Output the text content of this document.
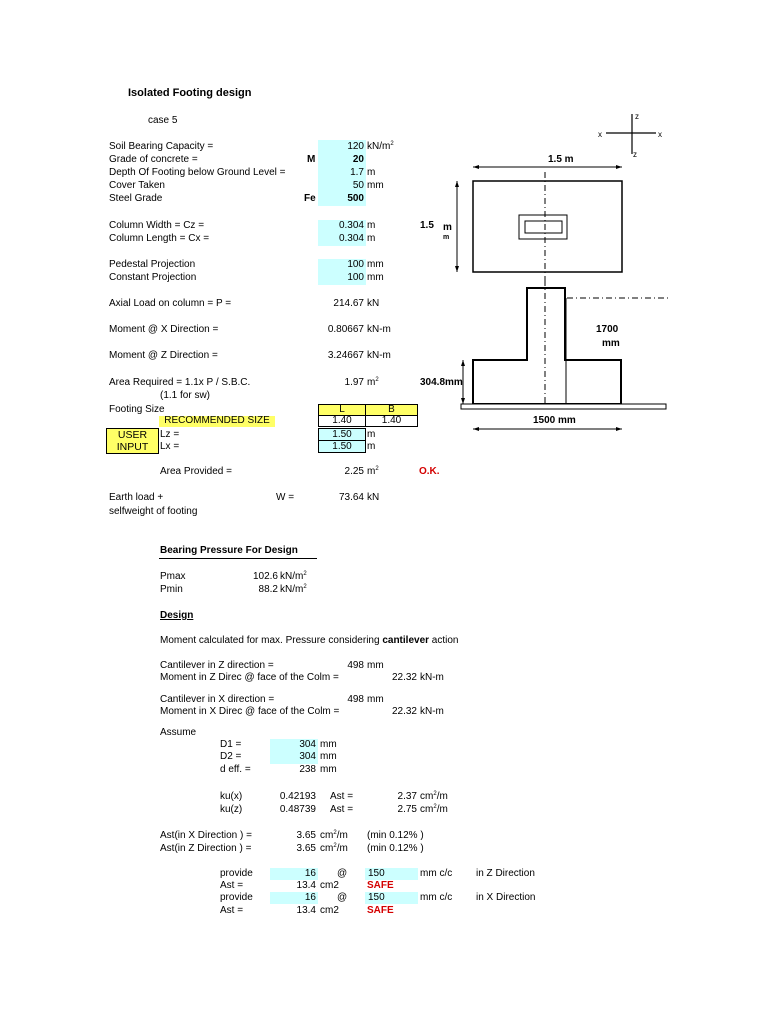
Isolated Footing design
case 5
Soil Bearing Capacity =	120 $kN/m^2$
Grade of concrete =	M	20
Depth Of Footing below Ground Level =	1.7 m
Cover Taken	50 mm
Steel Grade	Fe	500
Column Width = Cz =	0.304 m
Column Length = Cx =	0.304 m
Pedestal Projection	100 mm
Constant Projection	100 mm
Axial Load on column = P =	214.67 kN
Moment @ X Direction =	0.80667 kN-m
Moment @ Z Direction =	3.24667 kN-m
Area Required = 1.1x P / S.B.C.	1.97 $m^2$
(1.1 for sw)
Footing Size
RECOMMENDED SIZE
L	B
1.40	1.40
USER
INPUT
Lz =	1.50	m
Lx =	1.50	m
Area Provided =	2.25 $m^2$	O.K.
Earth load +	W =	73.64 kN
selfweight of footing
Bearing Pressure For Design
Pmax	102.6 $kN/m^2$
Pmin	88.2 $kN/m^2$
Design
Moment calculated for max. Pressure considering cantilever action
Cantilever in Z direction =	498 mm
Moment in Z Direc @ face of the Colm =	22.32 kN-m
Cantilever in X direction =	498 mm
Moment in X Direc @ face of the Colm =	22.32 kN-m
Assume
D1 =	304 mm
D2 =	304 mm
d eff. =	238 mm
ku(x)	0.42193 Ast =	2.37 $cm^2/m$
ku(z)	0.48739 Ast =	2.75 $cm^2/m$
Ast(in X Direction ) =	3.65 $cm^2/m$ (min 0.12% )
Ast(in Z Direction ) =	3.65 $cm^2/m$ (min 0.12% )
provide	16 @ 150	mm c/c in Z Direction
Ast =	13.4 cm2	SAFE
provide	16 @ 150	mm c/c in X Direction
Ast =	13.4 cm2	SAFE
z
x	x
z
1.5 m
1.5 m
m
1700
mm
304.8mm
1500 mm
